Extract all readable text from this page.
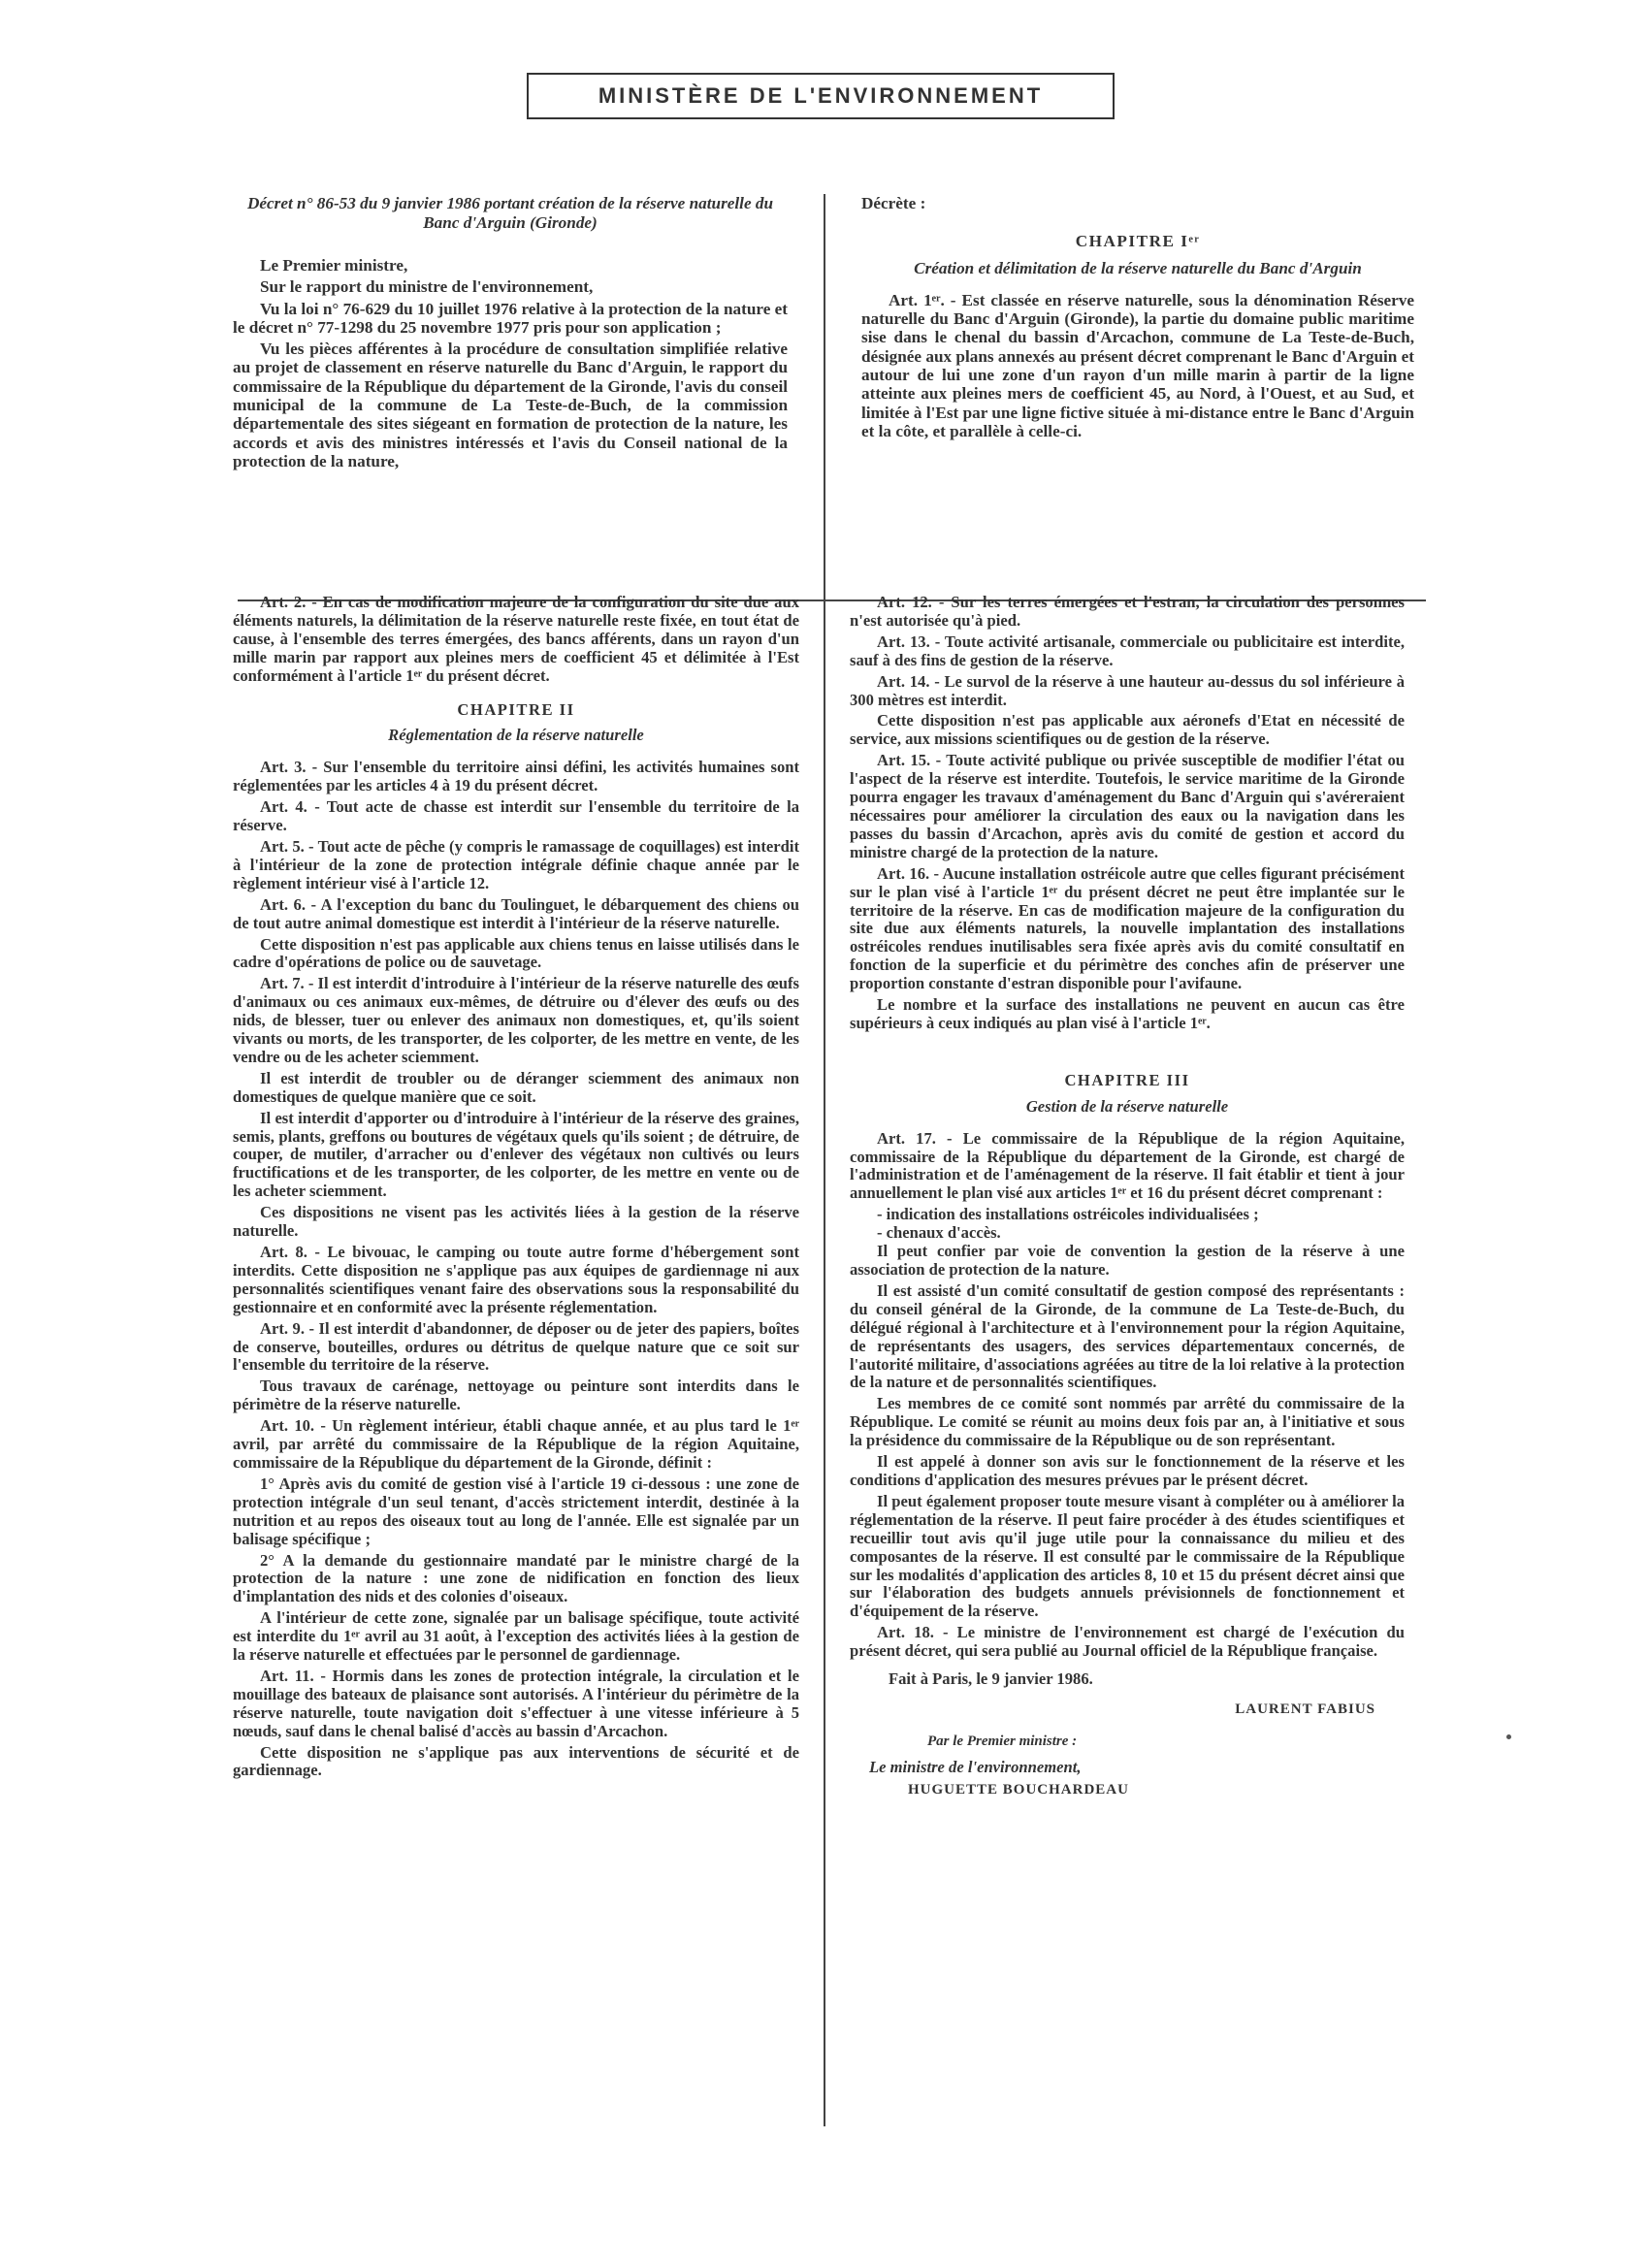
MINISTÈRE DE L'ENVIRONNEMENT

Décret n° 86-53 du 9 janvier 1986 portant création de la réserve naturelle du Banc d'Arguin (Gironde)

Le Premier ministre,

Sur le rapport du ministre de l'environnement,

Vu la loi n° 76-629 du 10 juillet 1976 relative à la protection de la nature et le décret n° 77-1298 du 25 novembre 1977 pris pour son application ;

Vu les pièces afférentes à la procédure de consultation simplifiée relative au projet de classement en réserve naturelle du Banc d'Arguin, le rapport du commissaire de la République du département de la Gironde, l'avis du conseil municipal de la commune de La Teste-de-Buch, de la commission départementale des sites siégeant en formation de protection de la nature, les accords et avis des ministres intéressés et l'avis du Conseil national de la protection de la nature,

Décrète :

CHAPITRE Iᵉʳ

Création et délimitation de la réserve naturelle du Banc d'Arguin

Art. 1ᵉʳ. - Est classée en réserve naturelle, sous la dénomination Réserve naturelle du Banc d'Arguin (Gironde), la partie du domaine public maritime sise dans le chenal du bassin d'Arcachon, commune de La Teste-de-Buch, désignée aux plans annexés au présent décret comprenant le Banc d'Arguin et autour de lui une zone d'un rayon d'un mille marin à partir de la ligne atteinte aux pleines mers de coefficient 45, au Nord, à l'Ouest, et au Sud, et limitée à l'Est par une ligne fictive située à mi-distance entre le Banc d'Arguin et la côte, et parallèle à celle-ci.

Art. 2. - En cas de modification majeure de la configuration du site due aux éléments naturels, la délimitation de la réserve naturelle reste fixée, en tout état de cause, à l'ensemble des terres émergées, des bancs afférents, dans un rayon d'un mille marin par rapport aux pleines mers de coefficient 45 et délimitée à l'Est conformément à l'article 1ᵉʳ du présent décret.

CHAPITRE II

Réglementation de la réserve naturelle

Art. 3. - Sur l'ensemble du territoire ainsi défini, les activités humaines sont réglementées par les articles 4 à 19 du présent décret.

Art. 4. - Tout acte de chasse est interdit sur l'ensemble du territoire de la réserve.

Art. 5. - Tout acte de pêche (y compris le ramassage de coquillages) est interdit à l'intérieur de la zone de protection intégrale définie chaque année par le règlement intérieur visé à l'article 12.

Art. 6. - A l'exception du banc du Toulinguet, le débarquement des chiens ou de tout autre animal domestique est interdit à l'intérieur de la réserve naturelle.

Cette disposition n'est pas applicable aux chiens tenus en laisse utilisés dans le cadre d'opérations de police ou de sauvetage.

Art. 7. - Il est interdit d'introduire à l'intérieur de la réserve naturelle des œufs d'animaux ou ces animaux eux-mêmes, de détruire ou d'élever des œufs ou des nids, de blesser, tuer ou enlever des animaux non domestiques, et, qu'ils soient vivants ou morts, de les transporter, de les colporter, de les mettre en vente, de les vendre ou de les acheter sciemment.

Il est interdit de troubler ou de déranger sciemment des animaux non domestiques de quelque manière que ce soit.

Il est interdit d'apporter ou d'introduire à l'intérieur de la réserve des graines, semis, plants, greffons ou boutures de végétaux quels qu'ils soient ; de détruire, de couper, de mutiler, d'arracher ou d'enlever des végétaux non cultivés ou leurs fructifications et de les transporter, de les colporter, de les mettre en vente ou de les acheter sciemment.

Ces dispositions ne visent pas les activités liées à la gestion de la réserve naturelle.

Art. 8. - Le bivouac, le camping ou toute autre forme d'hébergement sont interdits. Cette disposition ne s'applique pas aux équipes de gardiennage ni aux personnalités scientifiques venant faire des observations sous la responsabilité du gestionnaire et en conformité avec la présente réglementation.

Art. 9. - Il est interdit d'abandonner, de déposer ou de jeter des papiers, boîtes de conserve, bouteilles, ordures ou détritus de quelque nature que ce soit sur l'ensemble du territoire de la réserve.

Tous travaux de carénage, nettoyage ou peinture sont interdits dans le périmètre de la réserve naturelle.

Art. 10. - Un règlement intérieur, établi chaque année, et au plus tard le 1ᵉʳ avril, par arrêté du commissaire de la République de la région Aquitaine, commissaire de la République du département de la Gironde, définit :

1° Après avis du comité de gestion visé à l'article 19 ci-dessous : une zone de protection intégrale d'un seul tenant, d'accès strictement interdit, destinée à la nutrition et au repos des oiseaux tout au long de l'année. Elle est signalée par un balisage spécifique ;

2° A la demande du gestionnaire mandaté par le ministre chargé de la protection de la nature : une zone de nidification en fonction des lieux d'implantation des nids et des colonies d'oiseaux.

A l'intérieur de cette zone, signalée par un balisage spécifique, toute activité est interdite du 1ᵉʳ avril au 31 août, à l'exception des activités liées à la gestion de la réserve naturelle et effectuées par le personnel de gardiennage.

Art. 11. - Hormis dans les zones de protection intégrale, la circulation et le mouillage des bateaux de plaisance sont autorisés. A l'intérieur du périmètre de la réserve naturelle, toute navigation doit s'effectuer à une vitesse inférieure à 5 nœuds, sauf dans le chenal balisé d'accès au bassin d'Arcachon.

Cette disposition ne s'applique pas aux interventions de sécurité et de gardiennage.

Art. 12. - Sur les terres émergées et l'estran, la circulation des personnes n'est autorisée qu'à pied.

Art. 13. - Toute activité artisanale, commerciale ou publicitaire est interdite, sauf à des fins de gestion de la réserve.

Art. 14. - Le survol de la réserve à une hauteur au-dessus du sol inférieure à 300 mètres est interdit.

Cette disposition n'est pas applicable aux aéronefs d'Etat en nécessité de service, aux missions scientifiques ou de gestion de la réserve.

Art. 15. - Toute activité publique ou privée susceptible de modifier l'état ou l'aspect de la réserve est interdite. Toutefois, le service maritime de la Gironde pourra engager les travaux d'aménagement du Banc d'Arguin qui s'avéreraient nécessaires pour améliorer la circulation des eaux ou la navigation dans les passes du bassin d'Arcachon, après avis du comité de gestion et accord du ministre chargé de la protection de la nature.

Art. 16. - Aucune installation ostréicole autre que celles figurant précisément sur le plan visé à l'article 1ᵉʳ du présent décret ne peut être implantée sur le territoire de la réserve. En cas de modification majeure de la configuration du site due aux éléments naturels, la nouvelle implantation des installations ostréicoles rendues inutilisables sera fixée après avis du comité consultatif en fonction de la superficie et du périmètre des conches afin de préserver une proportion constante d'estran disponible pour l'avifaune.

Le nombre et la surface des installations ne peuvent en aucun cas être supérieurs à ceux indiqués au plan visé à l'article 1ᵉʳ.

CHAPITRE III

Gestion de la réserve naturelle

Art. 17. - Le commissaire de la République de la région Aquitaine, commissaire de la République du département de la Gironde, est chargé de l'administration et de l'aménagement de la réserve. Il fait établir et tient à jour annuellement le plan visé aux articles 1ᵉʳ et 16 du présent décret comprenant :

- indication des installations ostréicoles individualisées ;

- chenaux d'accès.

Il peut confier par voie de convention la gestion de la réserve à une association de protection de la nature.

Il est assisté d'un comité consultatif de gestion composé des représentants : du conseil général de la Gironde, de la commune de La Teste-de-Buch, du délégué régional à l'architecture et à l'environnement pour la région Aquitaine, de représentants des usagers, des services départementaux concernés, de l'autorité militaire, d'associations agréées au titre de la loi relative à la protection de la nature et de personnalités scientifiques.

Les membres de ce comité sont nommés par arrêté du commissaire de la République. Le comité se réunit au moins deux fois par an, à l'initiative et sous la présidence du commissaire de la République ou de son représentant.

Il est appelé à donner son avis sur le fonctionnement de la réserve et les conditions d'application des mesures prévues par le présent décret.

Il peut également proposer toute mesure visant à compléter ou à améliorer la réglementation de la réserve. Il peut faire procéder à des études scientifiques et recueillir tout avis qu'il juge utile pour la connaissance du milieu et des composantes de la réserve. Il est consulté par le commissaire de la République sur les modalités d'application des articles 8, 10 et 15 du présent décret ainsi que sur l'élaboration des budgets annuels prévisionnels de fonctionnement et d'équipement de la réserve.

Art. 18. - Le ministre de l'environnement est chargé de l'exécution du présent décret, qui sera publié au Journal officiel de la République française.

Fait à Paris, le 9 janvier 1986.

LAURENT FABIUS

Par le Premier ministre :

Le ministre de l'environnement,

HUGUETTE BOUCHARDEAU
